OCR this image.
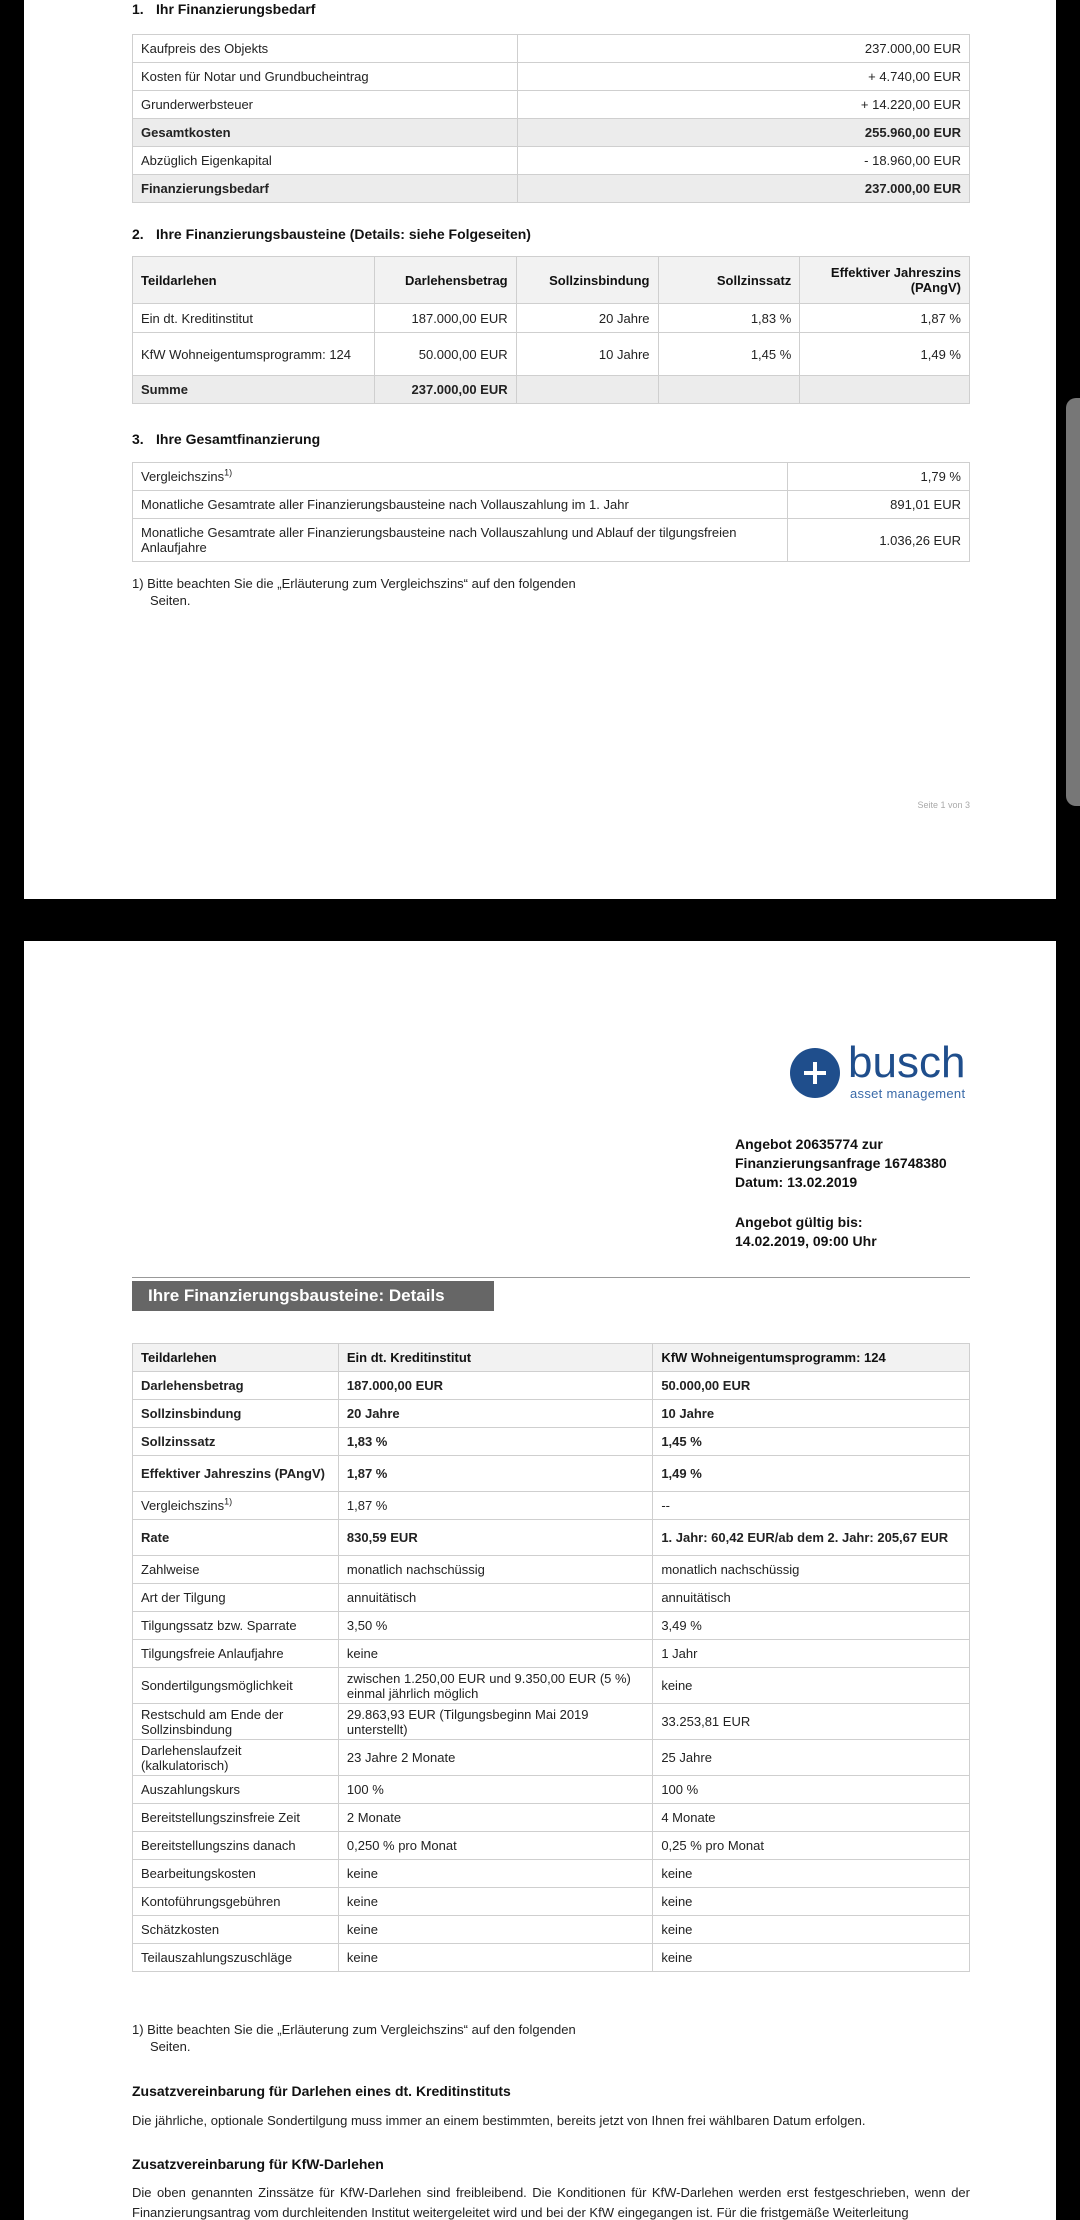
1. Ihr Finanzierungsbedarf
Kaufpreis des Objekts	237.000,00 EUR
Kosten für Notar und Grundbucheintrag	+ 4.740,00 EUR
Grunderwerbsteuer	+ 14.220,00 EUR
Gesamtkosten	255.960,00 EUR
Abzüglich Eigenkapital	- 18.960,00 EUR
Finanzierungsbedarf	237.000,00 EUR
2. Ihre Finanzierungsbausteine (Details: siehe Folgeseiten)
Teildarlehen	Darlehensbetrag	Sollzinsbindung	Sollzinssatz	Effektiver Jahreszins (PAngV)
Ein dt. Kreditinstitut	187.000,00 EUR	20 Jahre	1,83 %	1,87 %
KfW Wohneigentumsprogramm: 124	50.000,00 EUR	10 Jahre	1,45 %	1,49 %
Summe	237.000,00 EUR			
3. Ihre Gesamtfinanzierung
Vergleichszins$^{1)}$	1,79 %
Monatliche Gesamtrate aller Finanzierungsbausteine nach Vollauszahlung im 1. Jahr	891,01 EUR
Monatliche Gesamtrate aller Finanzierungsbausteine nach Vollauszahlung und Ablauf der tilgungsfreien Anlaufjahre	1.036,26 EUR
1) Bitte beachten Sie die „Erläuterung zum Vergleichszins“ auf den folgenden
Seiten.
Seite 1 von 3
busch
asset management
Angebot 20635774 zur
Finanzierungsanfrage 16748380
Datum: 13.02.2019
Angebot gültig bis:
14.02.2019, 09:00 Uhr
Ihre Finanzierungsbausteine: Details
Teildarlehen	Ein dt. Kreditinstitut	KfW Wohneigentumsprogramm: 124
Darlehensbetrag	187.000,00 EUR	50.000,00 EUR
Sollzinsbindung	20 Jahre	10 Jahre
Sollzinssatz	1,83 %	1,45 %
Effektiver Jahreszins (PAngV)	1,87 %	1,49 %
Vergleichszins$^{1)}$	1,87 %	--
Rate	830,59 EUR	1. Jahr: 60,42 EUR/ab dem 2. Jahr: 205,67 EUR
Zahlweise	monatlich nachschüssig	monatlich nachschüssig
Art der Tilgung	annuitätisch	annuitätisch
Tilgungssatz bzw. Sparrate	3,50 %	3,49 %
Tilgungsfreie Anlaufjahre	keine	1 Jahr
Sondertilgungsmöglichkeit	zwischen 1.250,00 EUR und 9.350,00 EUR (5 %) einmal jährlich möglich	keine
Restschuld am Ende der Sollzinsbindung	29.863,93 EUR (Tilgungsbeginn Mai 2019 unterstellt)	33.253,81 EUR
Darlehenslaufzeit (kalkulatorisch)	23 Jahre 2 Monate	25 Jahre
Auszahlungskurs	100 %	100 %
Bereitstellungszinsfreie Zeit	2 Monate	4 Monate
Bereitstellungszins danach	0,250 % pro Monat	0,25 % pro Monat
Bearbeitungskosten	keine	keine
Kontoführungsgebühren	keine	keine
Schätzkosten	keine	keine
Teilauszahlungszuschläge	keine	keine
1) Bitte beachten Sie die „Erläuterung zum Vergleichszins“ auf den folgenden
Seiten.
Zusatzvereinbarung für Darlehen eines dt. Kreditinstituts
Die jährliche, optionale Sondertilgung muss immer an einem bestimmten, bereits jetzt von Ihnen frei wählbaren Datum erfolgen.
Zusatzvereinbarung für KfW-Darlehen
Die oben genannten Zinssätze für KfW-Darlehen sind freibleibend. Die Konditionen für KfW-Darlehen werden erst festgeschrieben, wenn der Finanzierungsantrag vom durchleitenden Institut weitergeleitet wird und bei der KfW eingegangen ist. Für die fristgemäße Weiterleitung
